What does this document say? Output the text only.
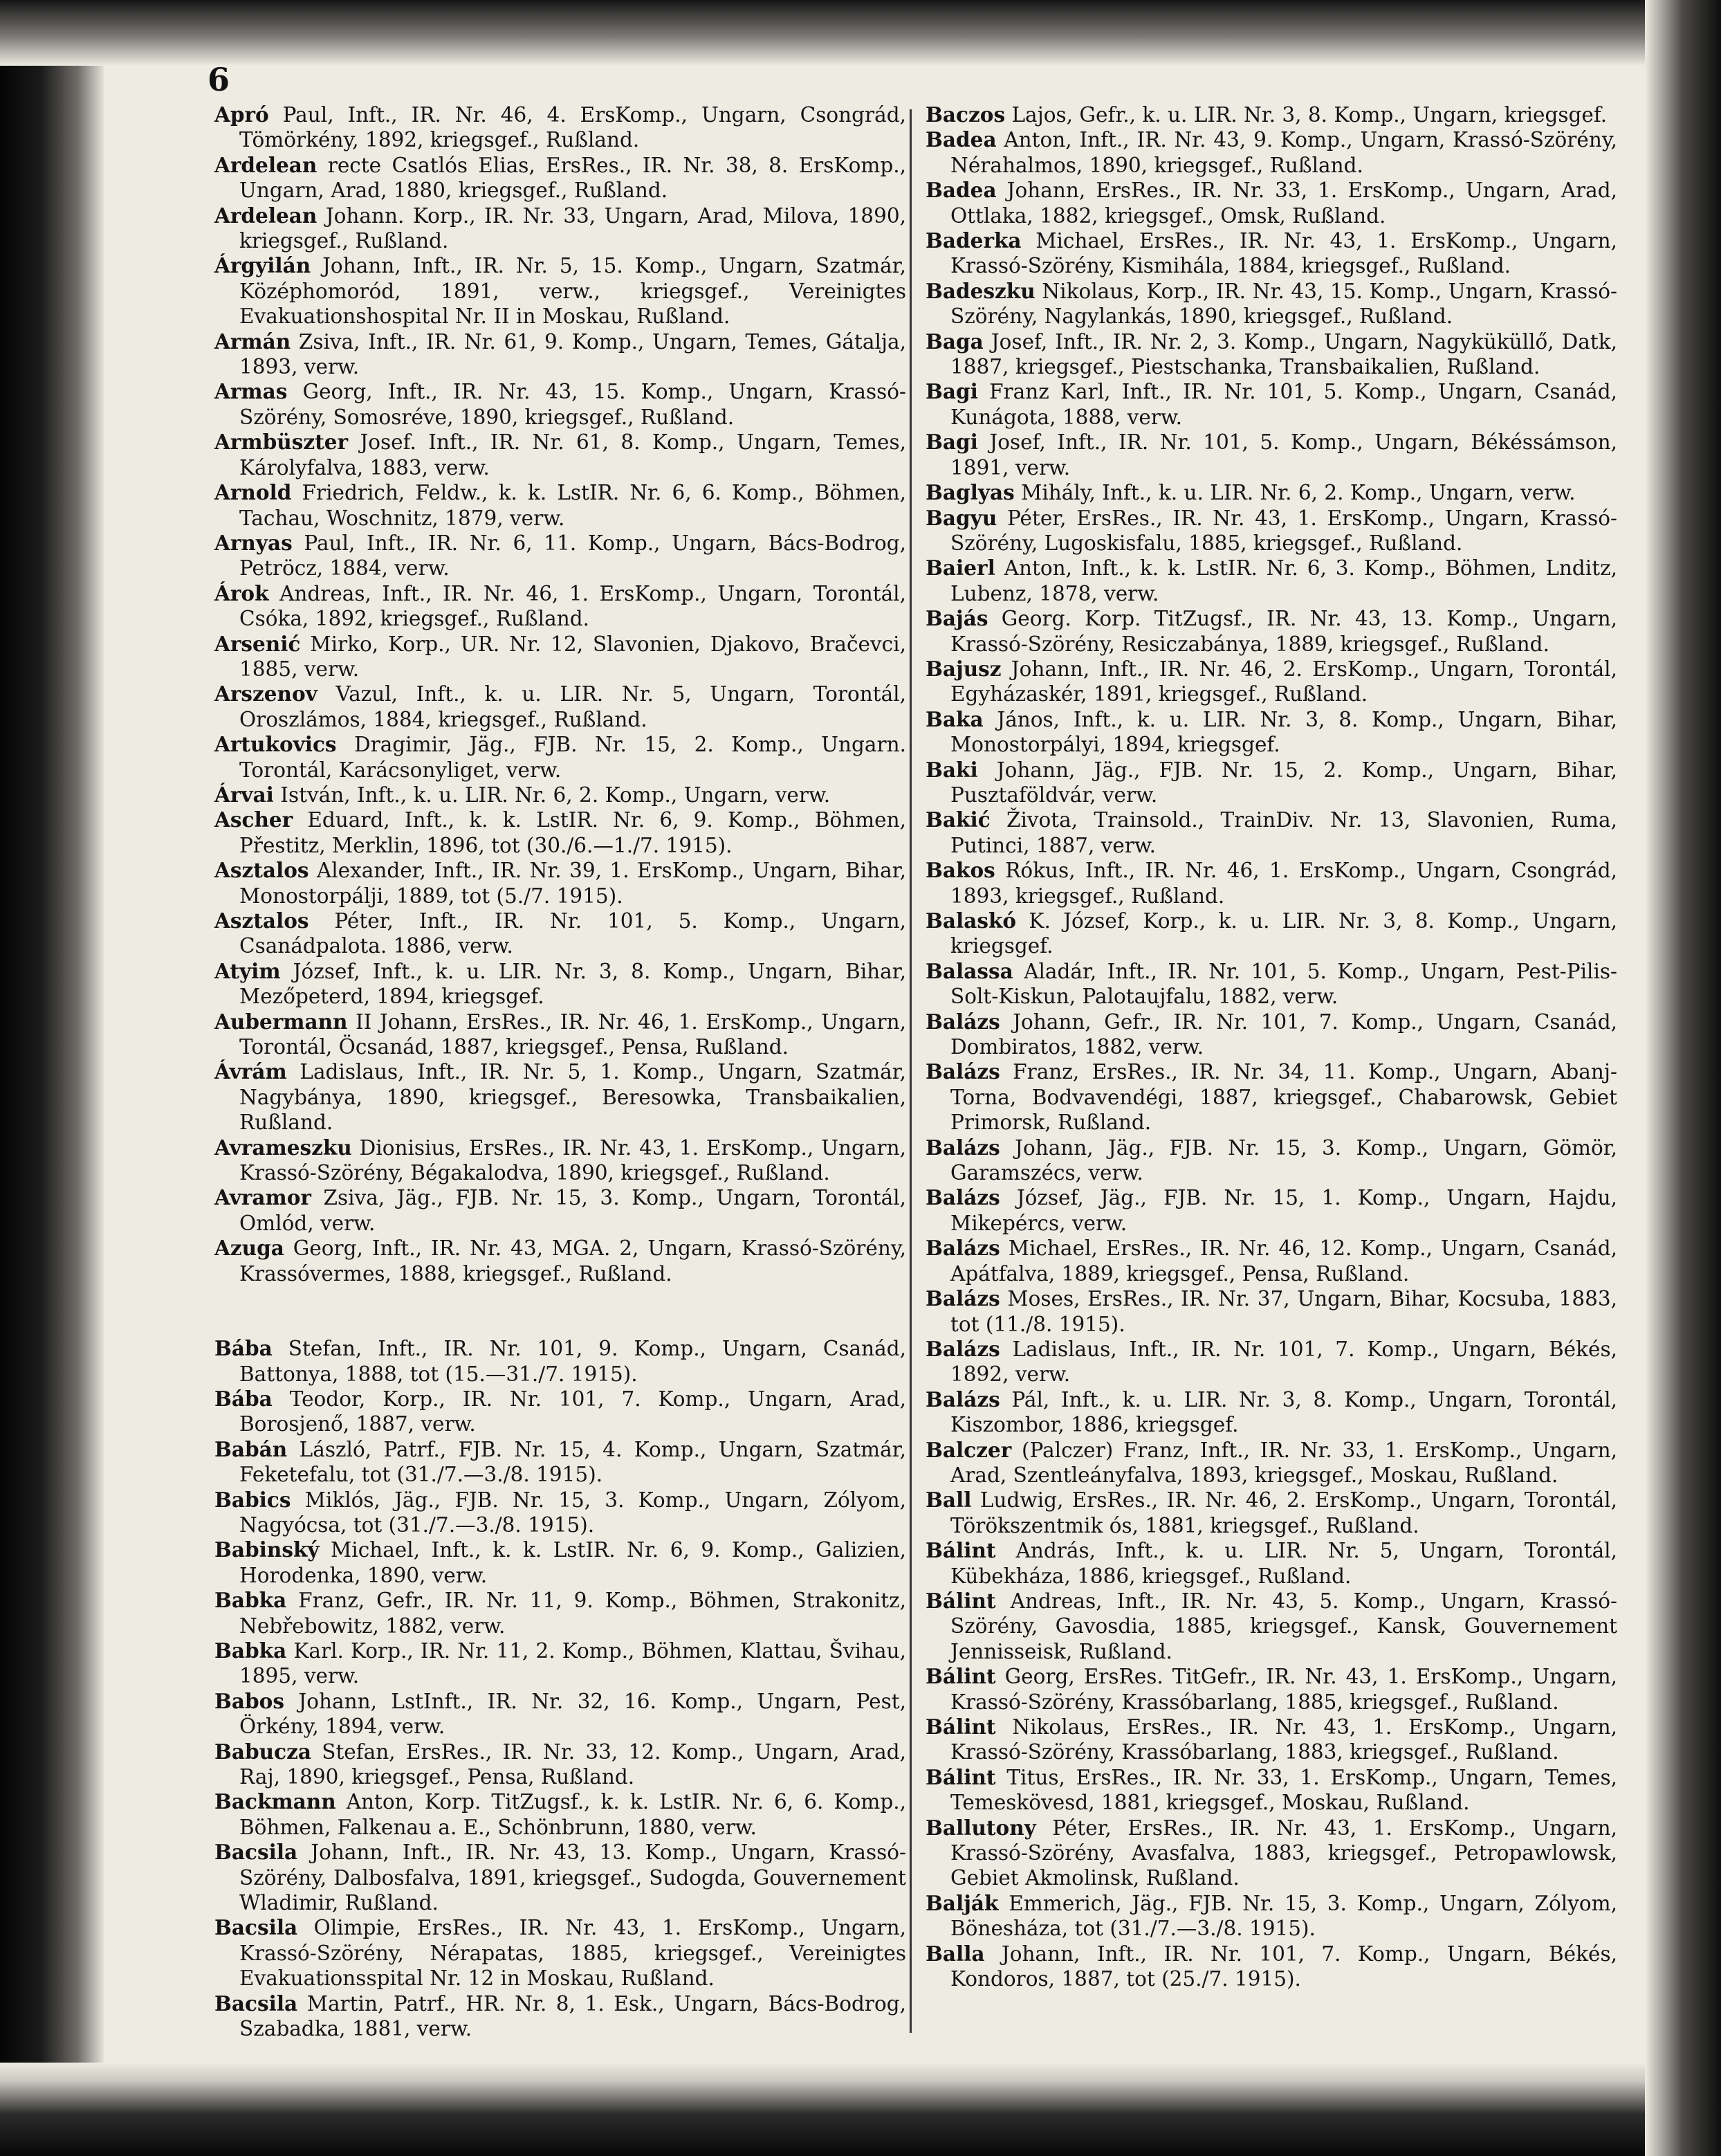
6

Apró Paul, Inft., IR. Nr. 46, 4. ErsKomp., Ungarn, Csongrád, Tömörkény, 1892, kriegsgef., Rußland.

Ardelean recte Csatlós Elias, ErsRes., IR. Nr. 38, 8. ErsKomp., Ungarn, Arad, 1880, kriegsgef., Rußland.

Ardelean Johann. Korp., IR. Nr. 33, Ungarn, Arad, Milova, 1890, kriegsgef., Rußland.

Árgyilán Johann, Inft., IR. Nr. 5, 15. Komp., Ungarn, Szatmár, Középhomoród, 1891, verw., kriegsgef., Vereinigtes Evakuationshospital Nr. II in Moskau, Rußland.

Armán Zsiva, Inft., IR. Nr. 61, 9. Komp., Ungarn, Temes, Gátalja, 1893, verw.

Armas Georg, Inft., IR. Nr. 43, 15. Komp., Ungarn, Krassó-Szörény, Somosréve, 1890, kriegsgef., Rußland.

Armbüszter Josef. Inft., IR. Nr. 61, 8. Komp., Ungarn, Temes, Károlyfalva, 1883, verw.

Arnold Friedrich, Feldw., k. k. LstIR. Nr. 6, 6. Komp., Böhmen, Tachau, Woschnitz, 1879, verw.

Arnyas Paul, Inft., IR. Nr. 6, 11. Komp., Ungarn, Bács-Bodrog, Petröcz, 1884, verw.

Árok Andreas, Inft., IR. Nr. 46, 1. ErsKomp., Ungarn, Torontál, Csóka, 1892, kriegsgef., Rußland.

Arsenić Mirko, Korp., UR. Nr. 12, Slavonien, Djakovo, Bračevci, 1885, verw.

Arszenov Vazul, Inft., k. u. LIR. Nr. 5, Ungarn, Torontál, Oroszlámos, 1884, kriegsgef., Rußland.

Artukovics Dragimir, Jäg., FJB. Nr. 15, 2. Komp., Ungarn. Torontál, Karácsonyliget, verw.

Árvai István, Inft., k. u. LIR. Nr. 6, 2. Komp., Ungarn, verw.

Ascher Eduard, Inft., k. k. LstIR. Nr. 6, 9. Komp., Böhmen, Přestitz, Merklin, 1896, tot (30./6.—1./7. 1915).

Asztalos Alexander, Inft., IR. Nr. 39, 1. ErsKomp., Ungarn, Bihar, Monostorpálji, 1889, tot (5./7. 1915).

Asztalos Péter, Inft., IR. Nr. 101, 5. Komp., Ungarn, Csanádpalota. 1886, verw.

Atyim József, Inft., k. u. LIR. Nr. 3, 8. Komp., Ungarn, Bihar, Mezőpeterd, 1894, kriegsgef.

Aubermann II Johann, ErsRes., IR. Nr. 46, 1. ErsKomp., Ungarn, Torontál, Öcsanád, 1887, kriegsgef., Pensa, Rußland.

Ávrám Ladislaus, Inft., IR. Nr. 5, 1. Komp., Ungarn, Szatmár, Nagybánya, 1890, kriegsgef., Beresowka, Transbaikalien, Rußland.

Avrameszku Dionisius, ErsRes., IR. Nr. 43, 1. ErsKomp., Ungarn, Krassó-Szörény, Bégakalodva, 1890, kriegsgef., Rußland.

Avramor Zsiva, Jäg., FJB. Nr. 15, 3. Komp., Ungarn, Torontál, Omlód, verw.

Azuga Georg, Inft., IR. Nr. 43, MGA. 2, Ungarn, Krassó-Szörény, Krassóvermes, 1888, kriegsgef., Rußland.

Bába Stefan, Inft., IR. Nr. 101, 9. Komp., Ungarn, Csanád, Battonya, 1888, tot (15.—31./7. 1915).

Bába Teodor, Korp., IR. Nr. 101, 7. Komp., Ungarn, Arad, Borosjenő, 1887, verw.

Babán László, Patrf., FJB. Nr. 15, 4. Komp., Ungarn, Szatmár, Feketefalu, tot (31./7.—3./8. 1915).

Babics Miklós, Jäg., FJB. Nr. 15, 3. Komp., Ungarn, Zólyom, Nagyócsa, tot (31./7.—3./8. 1915).

Babinský Michael, Inft., k. k. LstIR. Nr. 6, 9. Komp., Galizien, Horodenka, 1890, verw.

Babka Franz, Gefr., IR. Nr. 11, 9. Komp., Böhmen, Strakonitz, Nebřebowitz, 1882, verw.

Babka Karl. Korp., IR. Nr. 11, 2. Komp., Böhmen, Klattau, Švihau, 1895, verw.

Babos Johann, LstInft., IR. Nr. 32, 16. Komp., Ungarn, Pest, Örkény, 1894, verw.

Babucza Stefan, ErsRes., IR. Nr. 33, 12. Komp., Ungarn, Arad, Raj, 1890, kriegsgef., Pensa, Rußland.

Backmann Anton, Korp. TitZugsf., k. k. LstIR. Nr. 6, 6. Komp., Böhmen, Falkenau a. E., Schönbrunn, 1880, verw.

Bacsila Johann, Inft., IR. Nr. 43, 13. Komp., Ungarn, Krassó-Szörény, Dalbosfalva, 1891, kriegsgef., Sudogda, Gouvernement Wladimir, Rußland.

Bacsila Olimpie, ErsRes., IR. Nr. 43, 1. ErsKomp., Ungarn, Krassó-Szörény, Nérapatas, 1885, kriegsgef., Vereinigtes Evakuationsspital Nr. 12 in Moskau, Rußland.

Bacsila Martin, Patrf., HR. Nr. 8, 1. Esk., Ungarn, Bács-Bodrog, Szabadka, 1881, verw.

Baczos Lajos, Gefr., k. u. LIR. Nr. 3, 8. Komp., Ungarn, kriegsgef.

Badea Anton, Inft., IR. Nr. 43, 9. Komp., Ungarn, Krassó-Szörény, Nérahalmos, 1890, kriegsgef., Rußland.

Badea Johann, ErsRes., IR. Nr. 33, 1. ErsKomp., Ungarn, Arad, Ottlaka, 1882, kriegsgef., Omsk, Rußland.

Baderka Michael, ErsRes., IR. Nr. 43, 1. ErsKomp., Ungarn, Krassó-Szörény, Kismihála, 1884, kriegsgef., Rußland.

Badeszku Nikolaus, Korp., IR. Nr. 43, 15. Komp., Ungarn, Krassó-Szörény, Nagylankás, 1890, kriegsgef., Rußland.

Baga Josef, Inft., IR. Nr. 2, 3. Komp., Ungarn, Nagyküküllő, Datk, 1887, kriegsgef., Piestschanka, Transbaikalien, Rußland.

Bagi Franz Karl, Inft., IR. Nr. 101, 5. Komp., Ungarn, Csanád, Kunágota, 1888, verw.

Bagi Josef, Inft., IR. Nr. 101, 5. Komp., Ungarn, Békéssámson, 1891, verw.

Baglyas Mihály, Inft., k. u. LIR. Nr. 6, 2. Komp., Ungarn, verw.

Bagyu Péter, ErsRes., IR. Nr. 43, 1. ErsKomp., Ungarn, Krassó-Szörény, Lugoskisfalu, 1885, kriegsgef., Rußland.

Baierl Anton, Inft., k. k. LstIR. Nr. 6, 3. Komp., Böhmen, Lnditz, Lubenz, 1878, verw.

Bajás Georg. Korp. TitZugsf., IR. Nr. 43, 13. Komp., Ungarn, Krassó-Szörény, Resiczabánya, 1889, kriegsgef., Rußland.

Bajusz Johann, Inft., IR. Nr. 46, 2. ErsKomp., Ungarn, Torontál, Egyházaskér, 1891, kriegsgef., Rußland.

Baka János, Inft., k. u. LIR. Nr. 3, 8. Komp., Ungarn, Bihar, Monostorpályi, 1894, kriegsgef.

Baki Johann, Jäg., FJB. Nr. 15, 2. Komp., Ungarn, Bihar, Pusztaföldvár, verw.

Bakić Života, Trainsold., TrainDiv. Nr. 13, Slavonien, Ruma, Putinci, 1887, verw.

Bakos Rókus, Inft., IR. Nr. 46, 1. ErsKomp., Ungarn, Csongrád, 1893, kriegsgef., Rußland.

Balaskó K. József, Korp., k. u. LIR. Nr. 3, 8. Komp., Ungarn, kriegsgef.

Balassa Aladár, Inft., IR. Nr. 101, 5. Komp., Ungarn, Pest-Pilis-Solt-Kiskun, Palotaujfalu, 1882, verw.

Balázs Johann, Gefr., IR. Nr. 101, 7. Komp., Ungarn, Csanád, Dombiratos, 1882, verw.

Balázs Franz, ErsRes., IR. Nr. 34, 11. Komp., Ungarn, Abanj-Torna, Bodvavendégi, 1887, kriegsgef., Chabarowsk, Gebiet Primorsk, Rußland.

Balázs Johann, Jäg., FJB. Nr. 15, 3. Komp., Ungarn, Gömör, Garamszécs, verw.

Balázs József, Jäg., FJB. Nr. 15, 1. Komp., Ungarn, Hajdu, Mikepércs, verw.

Balázs Michael, ErsRes., IR. Nr. 46, 12. Komp., Ungarn, Csanád, Apátfalva, 1889, kriegsgef., Pensa, Rußland.

Balázs Moses, ErsRes., IR. Nr. 37, Ungarn, Bihar, Kocsuba, 1883, tot (11./8. 1915).

Balázs Ladislaus, Inft., IR. Nr. 101, 7. Komp., Ungarn, Békés, 1892, verw.

Balázs Pál, Inft., k. u. LIR. Nr. 3, 8. Komp., Ungarn, Torontál, Kiszombor, 1886, kriegsgef.

Balczer (Palczer) Franz, Inft., IR. Nr. 33, 1. ErsKomp., Ungarn, Arad, Szentleányfalva, 1893, kriegsgef., Moskau, Rußland.

Ball Ludwig, ErsRes., IR. Nr. 46, 2. ErsKomp., Ungarn, Torontál, Törökszentmik ós, 1881, kriegsgef., Rußland.

Bálint András, Inft., k. u. LIR. Nr. 5, Ungarn, Torontál, Kübekháza, 1886, kriegsgef., Rußland.

Bálint Andreas, Inft., IR. Nr. 43, 5. Komp., Ungarn, Krassó-Szörény, Gavosdia, 1885, kriegsgef., Kansk, Gouvernement Jennisseisk, Rußland.

Bálint Georg, ErsRes. TitGefr., IR. Nr. 43, 1. ErsKomp., Ungarn, Krassó-Szörény, Krassóbarlang, 1885, kriegsgef., Rußland.

Bálint Nikolaus, ErsRes., IR. Nr. 43, 1. ErsKomp., Ungarn, Krassó-Szörény, Krassóbarlang, 1883, kriegsgef., Rußland.

Bálint Titus, ErsRes., IR. Nr. 33, 1. ErsKomp., Ungarn, Temes, Temeskövesd, 1881, kriegsgef., Moskau, Rußland.

Ballutony Péter, ErsRes., IR. Nr. 43, 1. ErsKomp., Ungarn, Krassó-Szörény, Avasfalva, 1883, kriegsgef., Petropawlowsk, Gebiet Akmolinsk, Rußland.

Balják Emmerich, Jäg., FJB. Nr. 15, 3. Komp., Ungarn, Zólyom, Bönesháza, tot (31./7.—3./8. 1915).

Balla Johann, Inft., IR. Nr. 101, 7. Komp., Ungarn, Békés, Kondoros, 1887, tot (25./7. 1915).
